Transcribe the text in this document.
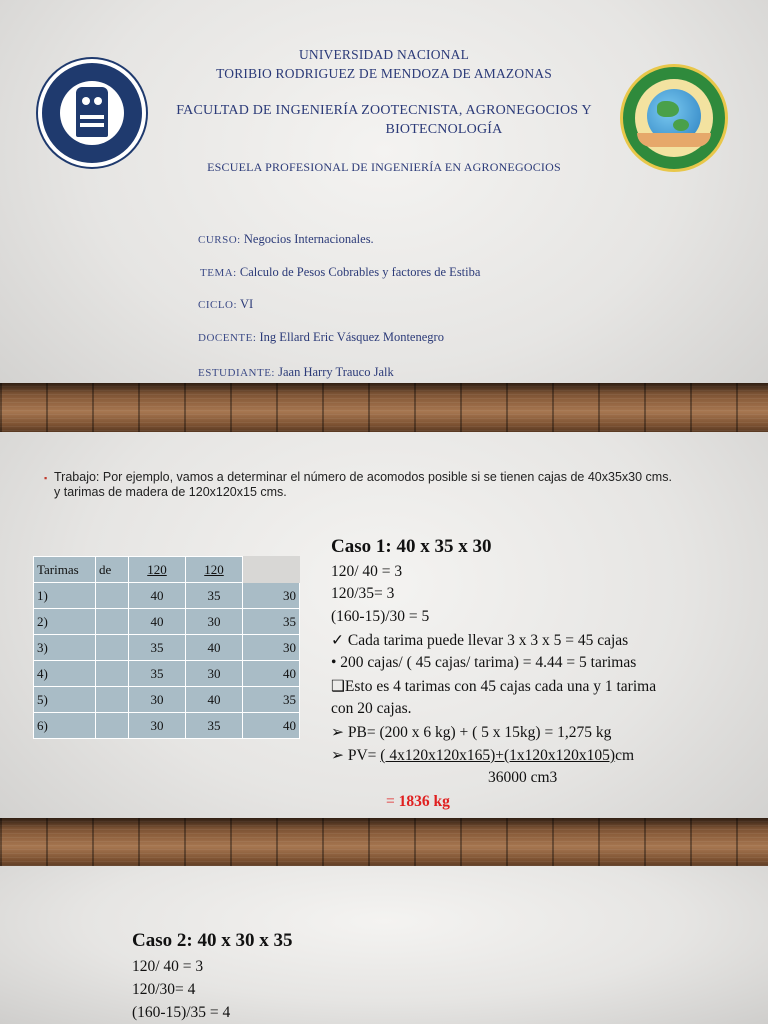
UNIVERSIDAD NACIONAL
TORIBIO RODRIGUEZ DE MENDOZA DE AMAZONAS
FACULTAD DE INGENIERÍA ZOOTECNISTA, AGRONEGOCIOS Y
BIOTECNOLOGÍA
ESCUELA PROFESIONAL DE INGENIERÍA EN AGRONEGOCIOS
CURSO: Negocios Internacionales.
TEMA: Calculo de Pesos Cobrables y factores de Estiba
CICLO: VI
DOCENTE: Ing Ellard Eric Vásquez Montenegro
ESTUDIANTE: Jaan Harry Trauco Jalk
▪ Trabajo: Por ejemplo, vamos a determinar el número de acomodos posible si se tienen cajas de 40x35x30 cms.
y tarimas de madera de 120x120x15 cms.
Tarimas	de	120	120	
1)		40	35	30
2)		40	30	35
3)		35	40	30
4)		35	30	40
5)		30	40	35
6)		30	35	40
Caso 1: 40 x 35 x 30
120/ 40 = 3
120/35= 3
(160-15)/30 = 5
✓ Cada tarima puede llevar 3 x 3 x 5 = 45 cajas
• 200 cajas/ ( 45 cajas/ tarima) = 4.44 = 5 tarimas
❑Esto es 4 tarimas con 45 cajas cada una y 1 tarima
con 20 cajas.
➢ PB= (200 x 6 kg) + ( 5 x 15kg) = 1,275 kg
➢ PV= ( 4x120x120x165)+(1x120x120x105)cm
36000 cm3
= 1836 kg
Caso 2: 40 x 30 x 35
120/ 40 = 3
120/30= 4
(160-15)/35 = 4
